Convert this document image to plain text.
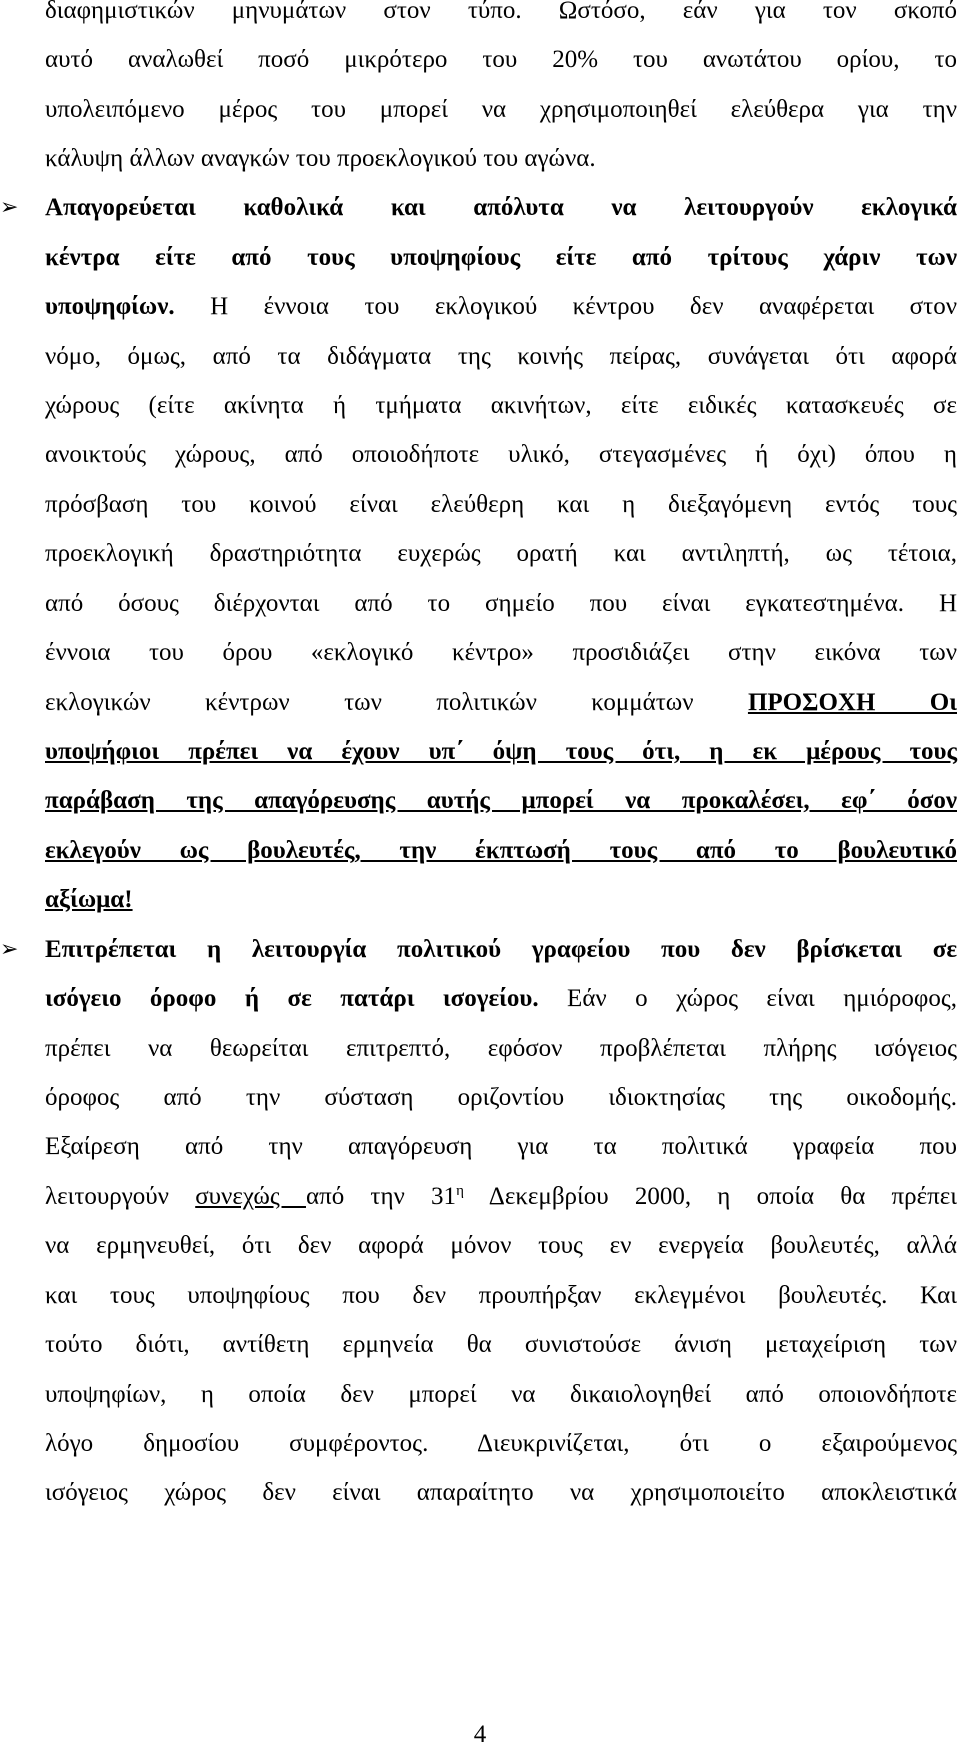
διαφημιστικών μηνυμάτων στον τύπο. Ωστόσο, εάν για τον σκοπό
αυτό αναλωθεί ποσό μικρότερο του 20% του ανωτάτου ορίου, το
υπολειπόμενο μέρος του μπορεί να χρησιμοποιηθεί ελεύθερα για την
κάλυψη άλλων αναγκών του προεκλογικού του αγώνα.
➢ Απαγορεύεται καθολικά και απόλυτα να λειτουργούν εκλογικά
κέντρα είτε από τους υποψηφίους είτε από τρίτους χάριν των
υποψηφίων. Η έννοια του εκλογικού κέντρου δεν αναφέρεται στον
νόμο, όμως, από τα διδάγματα της κοινής πείρας, συνάγεται ότι αφορά
χώρους (είτε ακίνητα ή τμήματα ακινήτων, είτε ειδικές κατασκευές σε
ανοικτούς χώρους, από οποιοδήποτε υλικό, στεγασμένες ή όχι) όπου η
πρόσβαση του κοινού είναι ελεύθερη και η διεξαγόμενη εντός τους
προεκλογική δραστηριότητα ευχερώς ορατή και αντιληπτή, ως τέτοια,
από όσους διέρχονται από το σημείο που είναι εγκατεστημένα. Η
έννοια του όρου «εκλογικό κέντρο» προσιδιάζει στην εικόνα των
εκλογικών κέντρων των πολιτικών κομμάτων ΠΡΟΣΟΧΗ Οι
υποψήφιοι πρέπει να έχουν υπ΄ όψη τους ότι, η εκ μέρους τους
παράβαση της απαγόρευσης αυτής μπορεί να προκαλέσει, εφ΄ όσον
εκλεγούν ως βουλευτές, την έκπτωσή τους από το βουλευτικό
αξίωμα!
➢ Επιτρέπεται η λειτουργία πολιτικού γραφείου που δεν βρίσκεται σε
ισόγειο όροφο ή σε πατάρι ισογείου. Εάν ο χώρος είναι ημιόροφος,
πρέπει να θεωρείται επιτρεπτό, εφόσον προβλέπεται πλήρης ισόγειος
όροφος από την σύσταση οριζοντίου ιδιοκτησίας της οικοδομής.
Εξαίρεση από την απαγόρευση για τα πολιτικά γραφεία που
λειτουργούν συνεχώς από την $31^\eta$ Δεκεμβρίου 2000, η οποία θα πρέπει
να ερμηνευθεί, ότι δεν αφορά μόνον τους εν ενεργεία βουλευτές, αλλά
και τους υποψηφίους που δεν προυπήρξαν εκλεγμένοι βουλευτές. Και
τούτο διότι, αντίθετη ερμηνεία θα συνιστούσε άνιση μεταχείριση των
υποψηφίων, η οποία δεν μπορεί να δικαιολογηθεί από οποιονδήποτε
λόγο δημοσίου συμφέροντος. Διευκρινίζεται, ότι ο εξαιρούμενος
ισόγειος χώρος δεν είναι απαραίτητο να χρησιμοποιείτο αποκλειστικά
4
